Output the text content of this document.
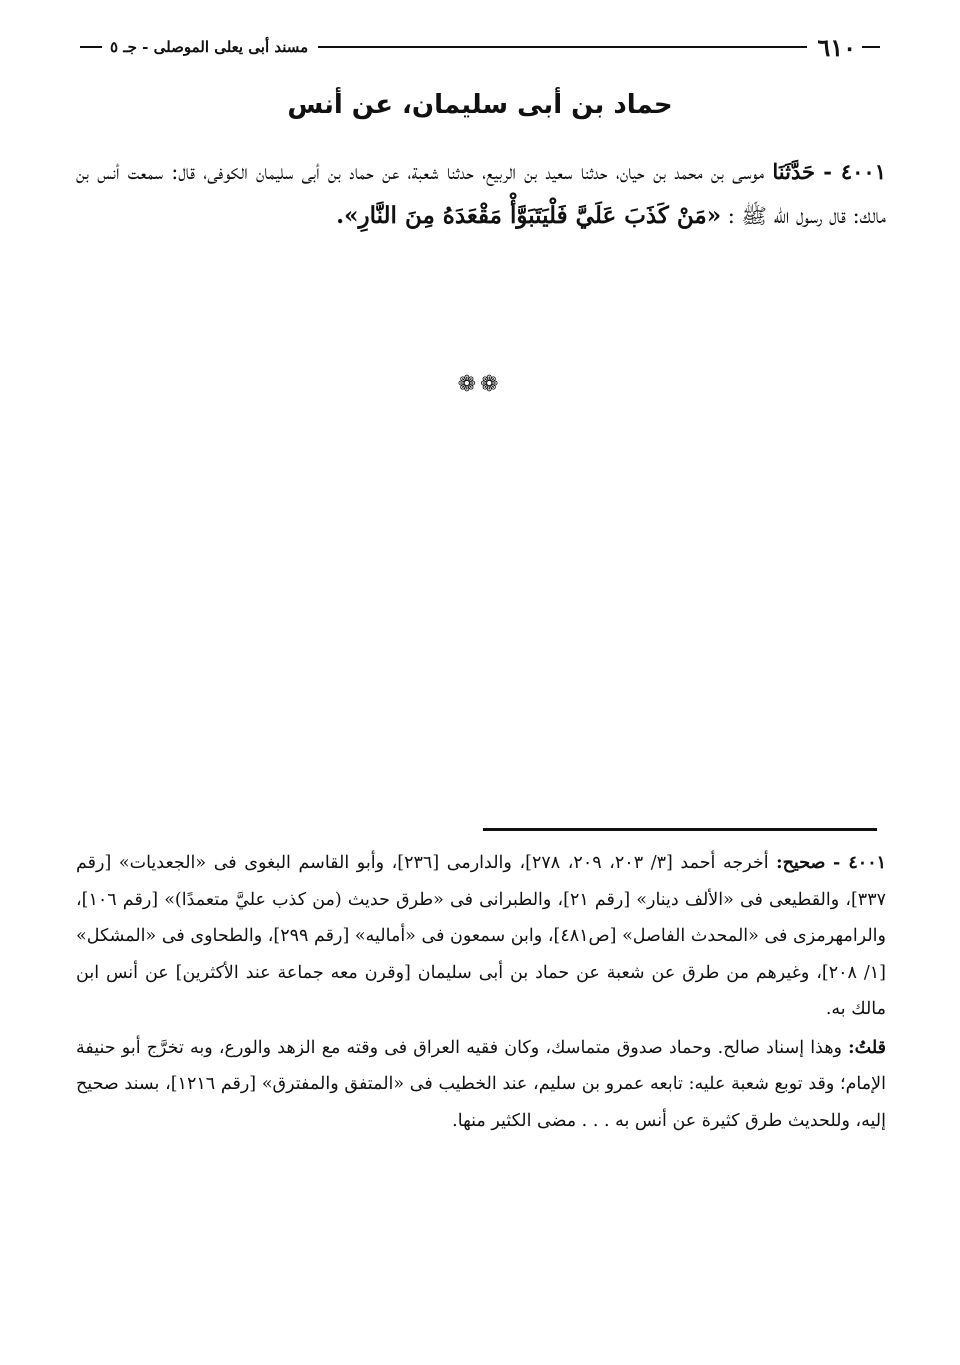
٦١٠
مسند أبى يعلى الموصلى - جـ ٥
حماد بن أبى سليمان، عن أنس

٤٠٠١ - حَدَّثَنَا موسى بن محمد بن حيان، حدثنا سعيد بن الربيع، حدثنا شعبة، عن حماد بن أبى سليمان الكوفى، قال: سمعت أنس بن مالك: قال رسول الله ﷺ : «مَنْ كَذَبَ عَلَيَّ فَلْيَتَبَوَّأْ مَقْعَدَهُ مِنَ النَّارِ».

❁❁

٤٠٠١ - صحيح: أخرجه أحمد [٣/ ٢٠٣، ٢٠٩، ٢٧٨]، والدارمى [٢٣٦]، وأبو القاسم البغوى فى «الجعديات» [رقم ٣٣٧]، والقطيعى فى «الألف دينار» [رقم ٢١]، والطبرانى فى «طرق حديث (من كذب عليَّ متعمدًا)» [رقم ١٠٦]، والرامهرمزى فى «المحدث الفاصل» [ص٤٨١]، وابن سمعون فى «أماليه» [رقم ٢٩٩]، والطحاوى فى «المشكل» [١/ ٢٠٨]، وغيرهم من طرق عن شعبة عن حماد بن أبى سليمان [وقرن معه جماعة عند الأكثرين] عن أنس ابن مالك به.

قلتُ: وهذا إسناد صالح. وحماد صدوق متماسك، وكان فقيه العراق فى وقته مع الزهد والورع، وبه تخرَّج أبو حنيفة الإمام؛ وقد توبع شعبة عليه: تابعه عمرو بن سليم، عند الخطيب فى «المتفق والمفترق» [رقم ١٢١٦]، بسند صحيح إليه، وللحديث طرق كثيرة عن أنس به . . . مضى الكثير منها.
